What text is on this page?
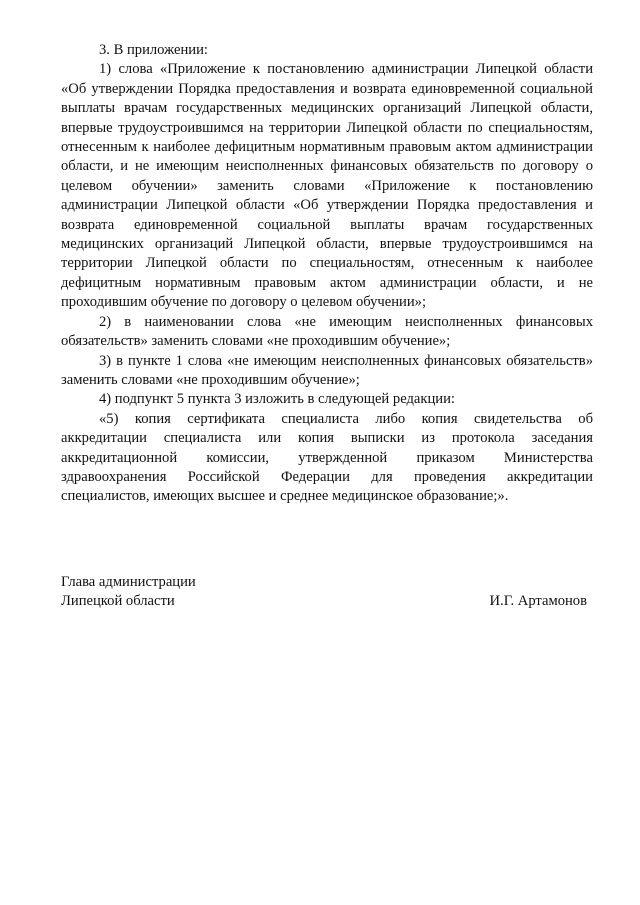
3. В приложении:

1) слова «Приложение к постановлению администрации Липецкой области «Об утверждении Порядка предоставления и возврата единовременной социальной выплаты врачам государственных медицинских организаций Липецкой области, впервые трудоустроившимся на территории Липецкой области по специальностям, отнесенным к наиболее дефицитным нормативным правовым актом администрации области, и не имеющим неисполненных финансовых обязательств по договору о целевом обучении» заменить словами «Приложение к постановлению администрации Липецкой области «Об утверждении Порядка предоставления и возврата единовременной социальной выплаты врачам государственных медицинских организаций Липецкой области, впервые трудоустроившимся на территории Липецкой области по специальностям, отнесенным к наиболее дефицитным нормативным правовым актом администрации области, и не проходившим обучение по договору о целевом обучении»;

2) в наименовании слова «не имеющим неисполненных финансовых обязательств» заменить словами «не проходившим обучение»;

3) в пункте 1 слова «не имеющим неисполненных финансовых обязательств» заменить словами «не проходившим обучение»;

4) подпункт 5 пункта 3 изложить в следующей редакции:

«5) копия сертификата специалиста либо копия свидетельства об аккредитации специалиста или копия выписки из протокола заседания аккредитационной комиссии, утвержденной приказом Министерства здравоохранения Российской Федерации для проведения аккредитации специалистов, имеющих высшее и среднее медицинское образование;».

Глава администрации
Липецкой области	И.Г. Артамонов
